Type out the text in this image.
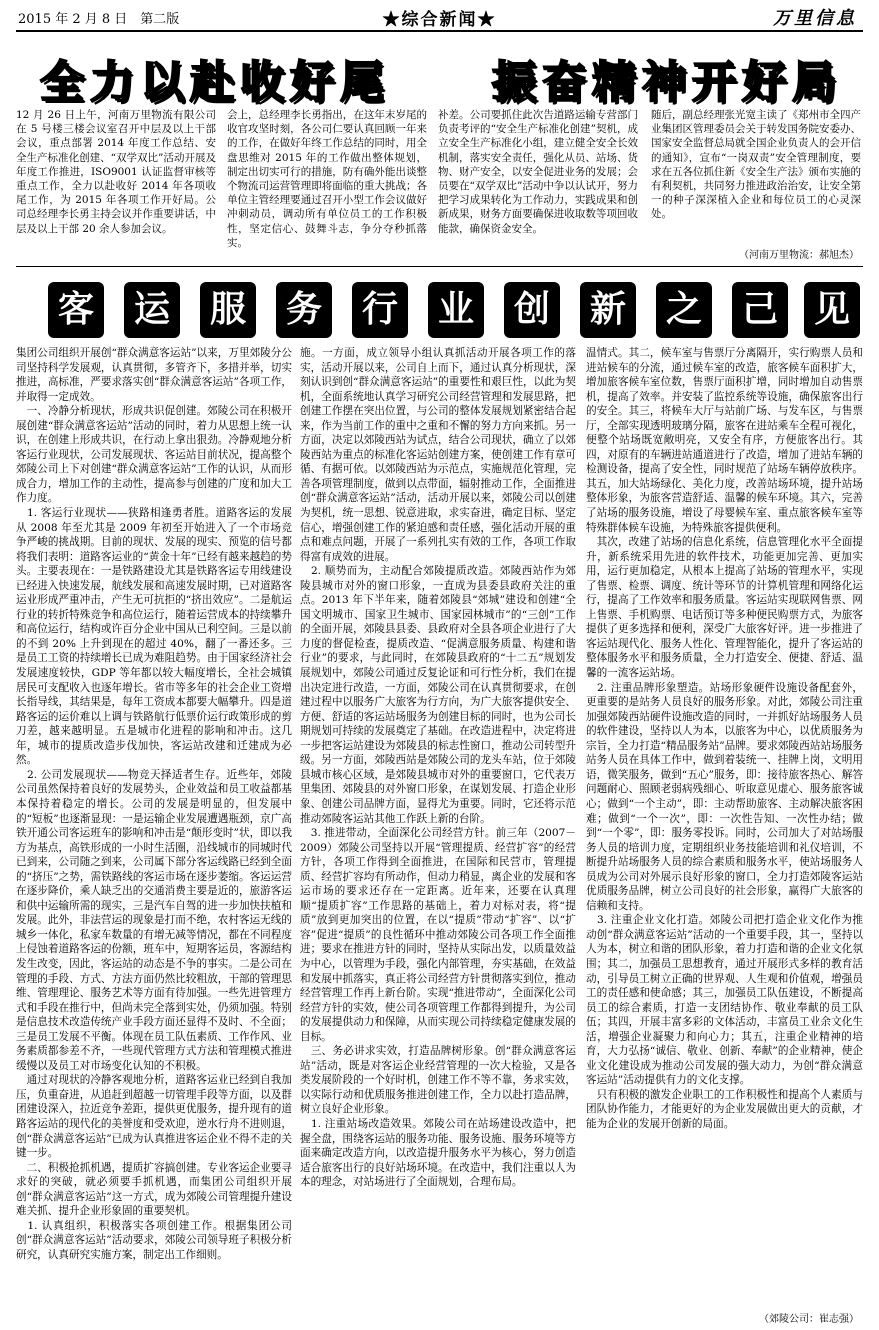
2015 年 2 月 8 日　第二版	★综合新闻★	万里信息
全力以赴收好尾 振奋精神开好局
12 月 26 日上午，河南万里物流有限公司在 5 号楼三楼会议室召开中层及以上干部会议，重点部署 2014 年度工作总结、安全生产标准化创建、“双学双比”活动开展及年度工作推进，ISO9001 认证监督审核等重点工作，全力以赴收好 2014 年各项收尾工作，为 2015 年各项工作开好局。公司总经理李长勇主持会议并作重要讲话，中层及以上干部 20 余人参加会议。
会上，总经理李长勇指出，在这年末岁尾的收官攻坚时刻，各公司仁要认真回顾一年来的工作，在做好年终工作总结的同时，用全盘思维对 2015 年的工作做出整体规划，制定出切实可行的措施，防有确外能出谈整个物流司运营管理即将面临的重大挑战；各单位主管经理要通过召开小型工作会议做好冲刺动员，调动所有单位员工的工作积极性，坚定信心、鼓舞斗志，争分夺秒抓落实。
补差。公司要抓住此次告道路运输专营部门负责考评的“安全生产标准化创建”契机，成立安全生产标准化小组，建立健全安全长效机制，落实安全责任，强化从员、站场、货物、财产安全，以安全促进业务的发展；会员要在“双学双比”活动中争以认试开，努力把学习成果转化为工作动力，实践成果和创新成果，财务方面要确保进收取数等项回收能款，确保资金安全。
随后，副总经理张光宽主读了《郑州市全四产业集团区管理委员会关于转发国务院安委办、国家安全监督总局就全国企业负责人的会开信的通知》，宣布“一岗双责”安全管理制度，要求在五各位抓住新《安全生产法》颁布实施的有利契机，共同努力推进政治治安，让安全第一的种子深深植入企业和每位员工的心灵深处。
（河南万里物流：郝旭杰）
客 运 服 务 行 业 创 新 之 己 见
集团公司组织开展创“群众满意客运站”以来，万里郊陵分公司坚持科学发展观，认真贯彻，多管齐下，多措并举，切实推进，高标准，严要求落实创“群众满意客运站”各项工作，并取得一定成效。
　一、冷静分析现状，形成共识促创建。郊陵公司在积极开展创建“群众满意客运站”活动的同时，着力从思想上统一认识，在创建上形成共识，在行动上拿出狠劲。冷静观地分析客运行业现状，公司发展现状、客运站目前状况，提高整个郊陵公司上下对创建“群众满意客运站”工作的认识，从而形成合力，增加工作的主动性，提高参与创建的广度和加大工作力度。
　1. 客运行业现状——狭路相逢勇者胜。道路客运的发展从 2008 年至尤其是 2009 年初至开始进入了一个市场竞争严峻的挑战期。目前的现状、发展的现实、预览的信号都将我们表明：道路客运业的“黄金十年”已经有越来越趋的势头。主要表现在：一是铁路建设尤其是铁路客运专用线建设已经进入快速发展，航线发展和高速发展时期，已对道路客运业形成严重冲击，产生无可抗拒的“挤出效应”。二是航运行业的转折特殊竞争和高位运行，随着运营成本的持续攀升和高位运行，结构或许百分企业中国从已利空间。三是以前的不到 20% 上升到现在的超过 40%，翻了一番还多。三是员工工资的持续增长已成为难阻趋势。由于国家经济社会发展速度较快，GDP 等年都以较大幅度增长，全社会城镇居民可支配收入也逐年增长。省市等多年的社会企业工资增长指导线，其结果是，每年工资成本都要大幅攀升。四是道路客运的运价难以上调与铁路航行低票价运行政策形成的剪刀差，越来越明显。五是城市化进程的影响和冲击。这几年，城市的提质改造步伐加快，客运站改建和迁建成为必然。
　2. 公司发展现状——物竞天择适者生存。近些年，郊陵公司虽然保持着良好的发展势头，企业效益和员工收益都基本保持着稳定的增长。公司的发展是明显的，但发展中的“短板”也逐渐显现：一是运输企业发展遭遇瓶颈，京广高铁开通公司客运班车的影响和冲击是“颠形变时”状，即以我方为基点，高铁形成的一小时生活圈，沿线城市的同城时代已到来，公司随之到来，公司属下部分客运线路已经到全面的“挤压”之势，需铁路线的客运市场在逐步萎缩。客运运营在逐步降价，乘人缺乏出的交通消费主要是近的，旅游客运和供中运输所需的现实，三是汽车自驾的进一步加快扶植和发展。此外，非法营运的现象是打而不绝，农村客运无线的城乡一体化，私家车数量的有增无减等情况，都在不同程度上侵蚀着道路客运的份额，班车中，短期客运员，客源结构发生改变，因此，客运站的动态是不争的事实。二是公司在管理的手段、方式、方法方面仍然比较粗放，干部的管理思维、管理理论、服务艺术等方面有待加强。一些先进管理方式和手段在推行中，但尚未完全落到实处，仍须加强。特别是信息技术改造传统产业手段方面还显得不及时、不全面；三是员工发展不平衡。体现在员工队伍素质、工作作风、业务素质都参差不齐，一些现代管理方式方法和管理模式推进缓慢以及员工对市场变化认知的不积极。
　通过对现状的冷静客观地分析，道路客运业已经到自我加压，负重奋进，从追赶到超越一切管理手段等方面，以及群团建设深入，拉近竞争差距，提供更优服务，提升现有的道路客运站的现代化的美誉度和受欢迎，逆水行舟不进则退，创“群众满意客运站”已成为认真推进客运企业不得不走的关键一步。
　二、积极抢抓机遇，提质扩容搞创建。专业客运企业要寻求好的突破，就必须要手抓机遇，而集团公司组织开展创“群众满意客运站”这一方式，成为郊陵公司管理提升建设难关抓、提升企业形象固的重要契机。
　1. 认真组织，积极落实各项创建工作。根据集团公司创“群众满意客运站”活动要求，郊陵公司领导班子积极分析研究，认真研究实施方案，制定出工作细则。
施。一方面，成立领导小组认真抓活动开展各项工作的落实，活动开展以来，公司自上而下，通过认真分析现状，深刻认识到创“群众满意客运站”的重要性和艰巨性，以此为契机，全面系统地认真学习研究公司经营管理和发展思路，把创建工作摆在突出位置，与公司的整体发展规划紧密结合起来，作为当前工作的重中之重和不懈的努力方向来抓。另一方面，决定以郊陵西站为试点，结合公司现状，确立了以郊陵西站为重点的标准化客运站创建方案，使创建工作有章可循、有据可依。以郊陵西站为示范点，实施规范化管理，完善各项管理制度，做到以点带面，辐射推动工作，全面推进创“群众满意客运站”活动，活动开展以来，郊陵公司以创建为契机，统一思想、锐意进取，求实奋进，确定目标、坚定信心，增强创建工作的紧迫感和责任感，强化活动开展的重点和难点问题，开展了一系列扎实有效的工作，各项工作取得富有成效的进展。
　2. 顺势而为，主动配合郊陵提质改造。郊陵西站作为郊陵县城市对外的窗口形象，一直成为县委县政府关注的重点。2013 年下半年来，随着郊陵县“郊城”建设和创建“全国文明城市、国家卫生城市、国家园林城市”的“三创”工作的全面开展，郊陵县县委、县政府对全县各项企业进行了大力度的督促检查，提质改造、“促满意服务质量、构建和谐行业”的要求，与此同时，在郊陵县政府的“十二五”规划发展规划中，郊陵公司通过反复论证和可行性分析，我们在提出决定进行改造，一方面，郊陵公司在认真贯彻要求，在创建过程中以服务广大旅客为行方向，为广大旅客提供安全、方便、舒适的客运站场服务为创建目标的同时，也为公司长期规划可持续的发展奠定了基础。在改造进程中，决定将进一步把客运站建设为郊陵县的标志性窗口，推动公司转型升级。另一方面，郊陵西站是郊陵公司的龙头车站，位于郊陵县城市核心区域，是郊陵县城市对外的重要窗口，它代表万里集团、郊陵县的对外窗口形象，在谋划发展、打造企业形象、创建公司品牌方面，显得尤为重要。同时，它还将示范推动郊陵客运站其他工作跃上新的台阶。
　3. 推进带动，全面深化公司经营方针。前三年（2007－2009）郊陵公司坚持以开展“管理提质、经营扩容”的经营方针，各项工作得到全面推进，在国际和民营市，管理提质、经营扩容均有所动作，但动力稍显，离企业的发展和客运市场的要求还存在一定距离。近年来，还要在认真理顺“提质扩容”工作思路的基础上，着力对标对表，将“提质”放到更加突出的位置，在以“提质”带动“扩容”、以“扩容”促进“提质”的良性循环中推动郊陵公司各项工作全面推进；要求在推进方针的同时，坚持从实际出发，以质量效益为中心，以管理为手段，强化内部管理，夯实基础，在效益和发展中抓落实，真正将公司经营方针贯彻落实到位，推动经营管理工作再上新台阶。实现“推进带动”，全面深化公司经营方针的实效，使公司各项管理工作都得到提升，为公司的发展提供动力和保障，从而实现公司持续稳定健康发展的目标。
　三、务必讲求实效，打造品牌树形象。创“群众满意客运站”活动，既是对客运企业经营管理的一次大检验，又是各类发展阶段的一个好时机，创建工作不等不靠，务求实效，以实际行动和优质服务推进创建工作，全力以赴打造品牌，树立良好企业形象。
　1. 注重站场改造效果。郊陵公司在站场建设改造中，把握全盘，围绕客运站的服务功能、服务设施、服务环境等方面来确定改造方向，以改造提升服务水平为核心，努力创造适合旅客出行的良好站场环境。在改造中，我们注重以人为本的理念，对站场进行了全面规划，合理布局。
温情式。其二，候车室与售票厅分离隔开，实行购票人员和进站候车的分流，通过候车室的改造，旅客候车面积扩大，增加旅客候车室位数，售票厅面积扩增，同时增加自动售票机，提高了效率。并安装了监控系统等设施，确保旅客出行的安全。其三，将候车大厅与站前广场、与发车区，与售票厅，全部实现透明玻璃分隔，旅客在进站乘车全程可视化，便整个站场既宽敞明亮，又安全有序，方便旅客出行。其四，对原有的车辆进站通道进行了改造，增加了进站车辆的检测设备，提高了安全性，同时规范了站场车辆停放秩序。其五，加大站场绿化、美化力度，改善站场环境，提升站场整体形象，为旅客营造舒适、温馨的候车环境。其六，完善了站场的服务设施，增设了母婴候车室、重点旅客候车室等特殊群体候车设施，为特殊旅客提供便利。
　其次，改建了站场的信息化系统，信息管理化水平全面提升，新系统采用先进的软件技术，功能更加完善、更加实用，运行更加稳定，从根本上提高了站场的管理水平，实现了售票、检票、调度、统计等环节的计算机管理和网络化运行，提高了工作效率和服务质量。客运站实现联网售票、网上售票、手机购票、电话预订等多种便民购票方式，为旅客提供了更多选择和便利，深受广大旅客好评。进一步推进了客运站现代化、服务人性化、管理智能化，提升了客运站的整体服务水平和服务质量，全力打造安全、便捷、舒适、温馨的一流客运站场。
　2. 注重品牌形象塑造。站场形象硬件设施设备配套外，更重要的是站务人员良好的服务形象。对此，郊陵公司注重加强郊陵西站硬件设施改造的同时，一并抓好站场服务人员的软件建设，坚持以人为本，以旅客为中心，以优质服务为宗旨，全力打造“精品服务站”品牌。要求郊陵西站站场服务站务人员在具体工作中，做到着装统一、挂牌上岗，文明用语，微笑服务，做到“五心”服务，即：接待旅客热心、解答问题耐心、照顾老弱病残细心、听取意见虚心、服务旅客诚心；做到“一个主动”，即：主动帮助旅客、主动解决旅客困难；做到“一个一次”，即：一次性告知、一次性办结；做到“一个零”，即：服务零投诉。同时，公司加大了对站场服务人员的培训力度，定期组织业务技能培训和礼仪培训，不断提升站场服务人员的综合素质和服务水平，使站场服务人员成为公司对外展示良好形象的窗口，全力打造郊陵客运站优质服务品牌，树立公司良好的社会形象，赢得广大旅客的信赖和支持。
　3. 注重企业文化打造。郊陵公司把打造企业文化作为推动创“群众满意客运站”活动的一个重要手段，其一，坚持以人为本，树立和谐的团队形象，着力打造和谐的企业文化氛围；其二，加强员工思想教育，通过开展形式多样的教育活动，引导员工树立正确的世界观、人生观和价值观，增强员工的责任感和使命感；其三，加强员工队伍建设，不断提高员工的综合素质，打造一支团结协作、敬业奉献的员工队伍；其四，开展丰富多彩的文体活动，丰富员工业余文化生活，增强企业凝聚力和向心力；其五，注重企业精神的培育，大力弘扬“诚信、敬业、创新、奉献”的企业精神，使企业文化建设成为推动公司发展的强大动力，为创“群众满意客运站”活动提供有力的文化支撑。
　只有积极的激发企业职工的工作积极性和提高个人素质与团队协作能力，才能更好的为企业发展做出更大的贡献，才能为企业的发展开创新的局面。
（郊陵公司：崔志强）
